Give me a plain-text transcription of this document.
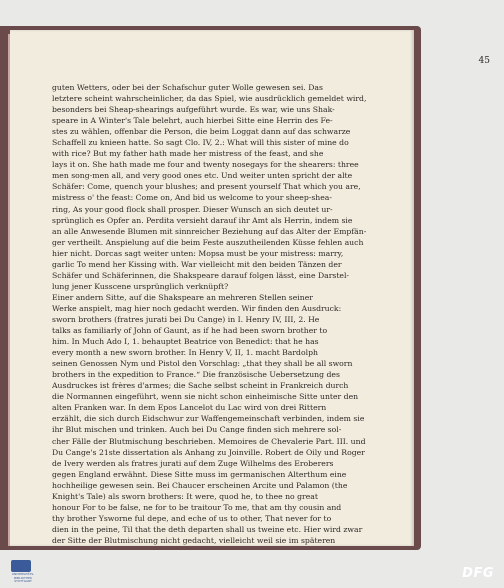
45
guten Wetters, oder bei der Schafschur guter Wolle gewesen sei. Das
letztere scheint wahrscheinlicher, da das Spiel, wie ausdrücklich gemeldet wird,
besonders bei Sheap-shearings aufgeführt wurde. Es war, wie uns Shak-
speare in A Winter's Tale belehrt, auch hierbei Sitte eine Herrin des Fe-
stes zu wählen, offenbar die Person, die beim Loggat dann auf das schwarze
Schaffell zu knieen hatte. So sagt Clo. IV, 2.: What will this sister of mine do
with rice? But my father hath made her mistress of the feast, and she
lays it on. She hath made me four and twenty nosegays for the shearers: three
men song-men all, and very good ones etc. Und weiter unten spricht der alte
Schäfer: Come, quench your blushes; and present yourself That which you are,
mistress o' the feast: Come on, And bid us welcome to your sheep-shea-
ring, As your good flock shall prosper. Dieser Wunsch an sich deutet ur-
sprünglich es Opfer an. Perdita versieht darauf ihr Amt als Herrin, indem sie
an alle Anwesende Blumen mit sinnreicher Beziehung auf das Alter der Empfän-
ger vertheilt. Anspielung auf die beim Feste auszutheilenden Küsse fehlen auch
hier nicht. Dorcas sagt weiter unten: Mopsa must be your mistress: marry,
garlic To mend her Kissing with. War vielleicht mit den beiden Tänzen der
Schäfer und Schäferinnen, die Shakspeare darauf folgen lässt, eine Darstel-
lung jener Kusscene ursprünglich verknüpft?
Einer andern Sitte, auf die Shakspeare an mehreren Stellen seiner
Werke anspielt, mag hier noch gedacht werden. Wir finden den Ausdruck:
sworn brothers (fratres jurati bei Du Cange) in I. Henry IV, III, 2. He
talks as familiarly of John of Gaunt, as if he had been sworn brother to
him. In Much Ado I, 1. behauptet Beatrice von Benedict: that he has
every month a new sworn brother. In Henry V, II, 1. macht Bardolph
seinen Genossen Nym und Pistol den Vorschlag: „that they shall be all sworn
brothers in the expedition to France.“ Die französische Uebersetzung des
Ausdruckes ist frères d'armes; die Sache selbst scheint in Frankreich durch
die Normannen eingeführt, wenn sie nicht schon einheimische Sitte unter den
alten Franken war. In dem Epos Lancelot du Lac wird von drei Rittern
erzählt, die sich durch Eidschwur zur Waffengemeinschaft verbinden, indem sie
ihr Blut mischen und trinken. Auch bei Du Cange finden sich mehrere sol-
cher Fälle der Blutmischung beschrieben. Memoires de Chevalerie Part. III. und
Du Cange's 21ste dissertation als Anhang zu Joinville. Robert de Oily und Roger
de Ivery werden als fratres jurati auf dem Zuge Wilhelms des Eroberers
gegen England erwähnt. Diese Sitte muss im germanischen Alterthum eine
hochheilige gewesen sein. Bei Chaucer erscheinen Arcite und Palamon (the
Knight's Tale) als sworn brothers: It were, quod he, to thee no great
honour For to be false, ne for to be traitour To me, that am thy cousin and
thy brother Ysworne ful depe, and eche of us to other, That never for to
dien in the peine, Til that the deth departen shall us tweine etc. Hier wird zwar
der Sitte der Blutmischung nicht gedacht, vielleicht weil sie im späteren
UNIVERSITÄTS-BIBLIOTHEK STUTTGART
DFG
